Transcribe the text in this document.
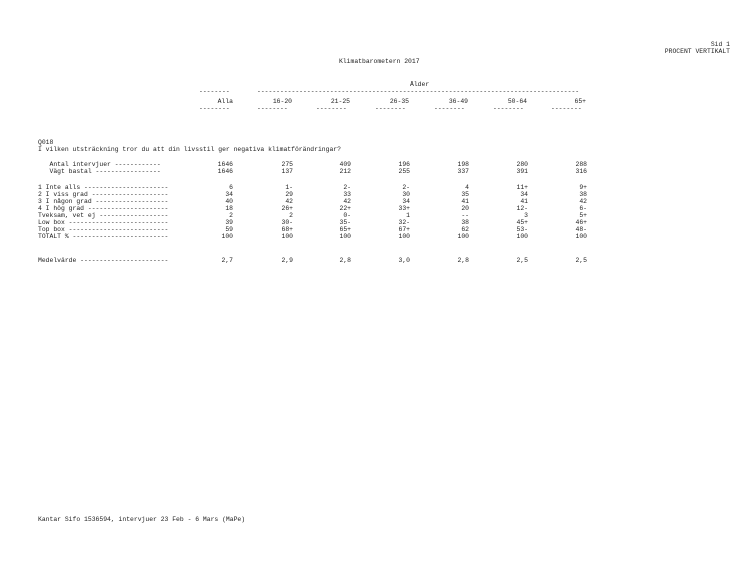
Sid 1
PROCENT VERTIKALT
Klimatbarometern 2017
Ålder
--------	------------------------------------------------------------------------------------
Alla	16-20	21-25	26-35	36-49	50-64	65+
--------	--------	--------	--------	--------	--------	--------
Q018
I vilken utsträckning tror du att din livsstil ger negativa klimatförändringar?
Antal intervjuer ------------	1646	275	409	196	198	280	288
Vägt bastal -----------------	1646	137	212	255	337	391	316
1 Inte alls ----------------------	6	1-	2-	2-	4	11+	9+
2 I viss grad --------------------	34	29	33	30	35	34	38
3 I någon grad -------------------	40	42	42	34	41	41	42
4 I hög grad ---------------------	18	26+	22+	33+	20	12-	6-
Tveksam, vet ej ------------------	2	2	0-	1	--	3	5+
Low box --------------------------	39	30-	35-	32-	38	45+	46+
Top box --------------------------	59	68+	65+	67+	62	53-	48-
TOTALT % -------------------------	100	100	100	100	100	100	100
Medelvärde -----------------------	2,7	2,9	2,8	3,0	2,8	2,5	2,5
Kantar Sifo 1536594, intervjuer 23 Feb - 6 Mars (MaPe)
